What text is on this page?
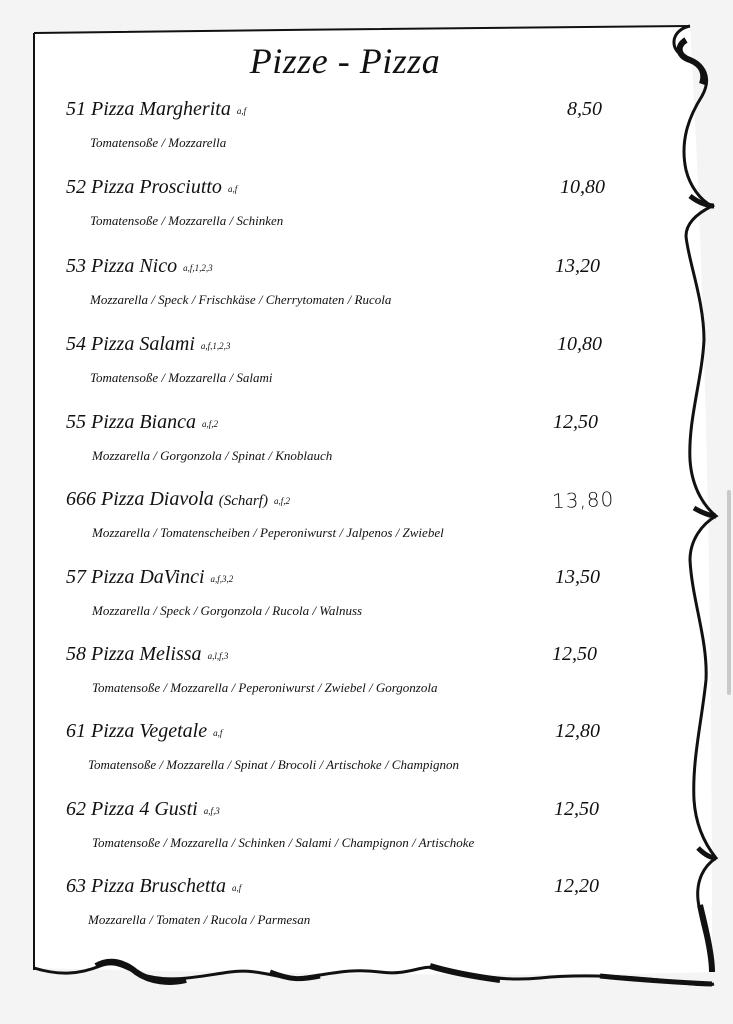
Pizze - Pizza
51 Pizza Margherita a,f	8,50
Tomatensoße / Mozzarella
52 Pizza Prosciutto a,f	10,80
Tomatensoße / Mozzarella / Schinken
53 Pizza Nico a,f,1,2,3	13,20
Mozzarella / Speck / Frischkäse / Cherrytomaten / Rucola
54 Pizza Salami a,f,1,2,3	10,80
Tomatensoße / Mozzarella / Salami
55 Pizza Bianca a,f,2	12,50
Mozzarella / Gorgonzola / Spinat / Knoblauch
666 Pizza Diavola (Scharf) a,f,2	13,80
Mozzarella / Tomatenscheiben / Peperoniwurst / Jalpenos / Zwiebel
57 Pizza DaVinci a,f,3,2	13,50
Mozzarella / Speck / Gorgonzola / Rucola / Walnuss
58 Pizza Melissa a,l,f,3	12,50
Tomatensoße / Mozzarella / Peperoniwurst / Zwiebel / Gorgonzola
61 Pizza Vegetale a,f	12,80
Tomatensoße / Mozzarella / Spinat / Brocoli / Artischoke / Champignon
62 Pizza 4 Gusti a,f,3	12,50
Tomatensoße / Mozzarella / Schinken / Salami / Champignon / Artischoke
63 Pizza Bruschetta a,f	12,20
Mozzarella / Tomaten / Rucola / Parmesan
